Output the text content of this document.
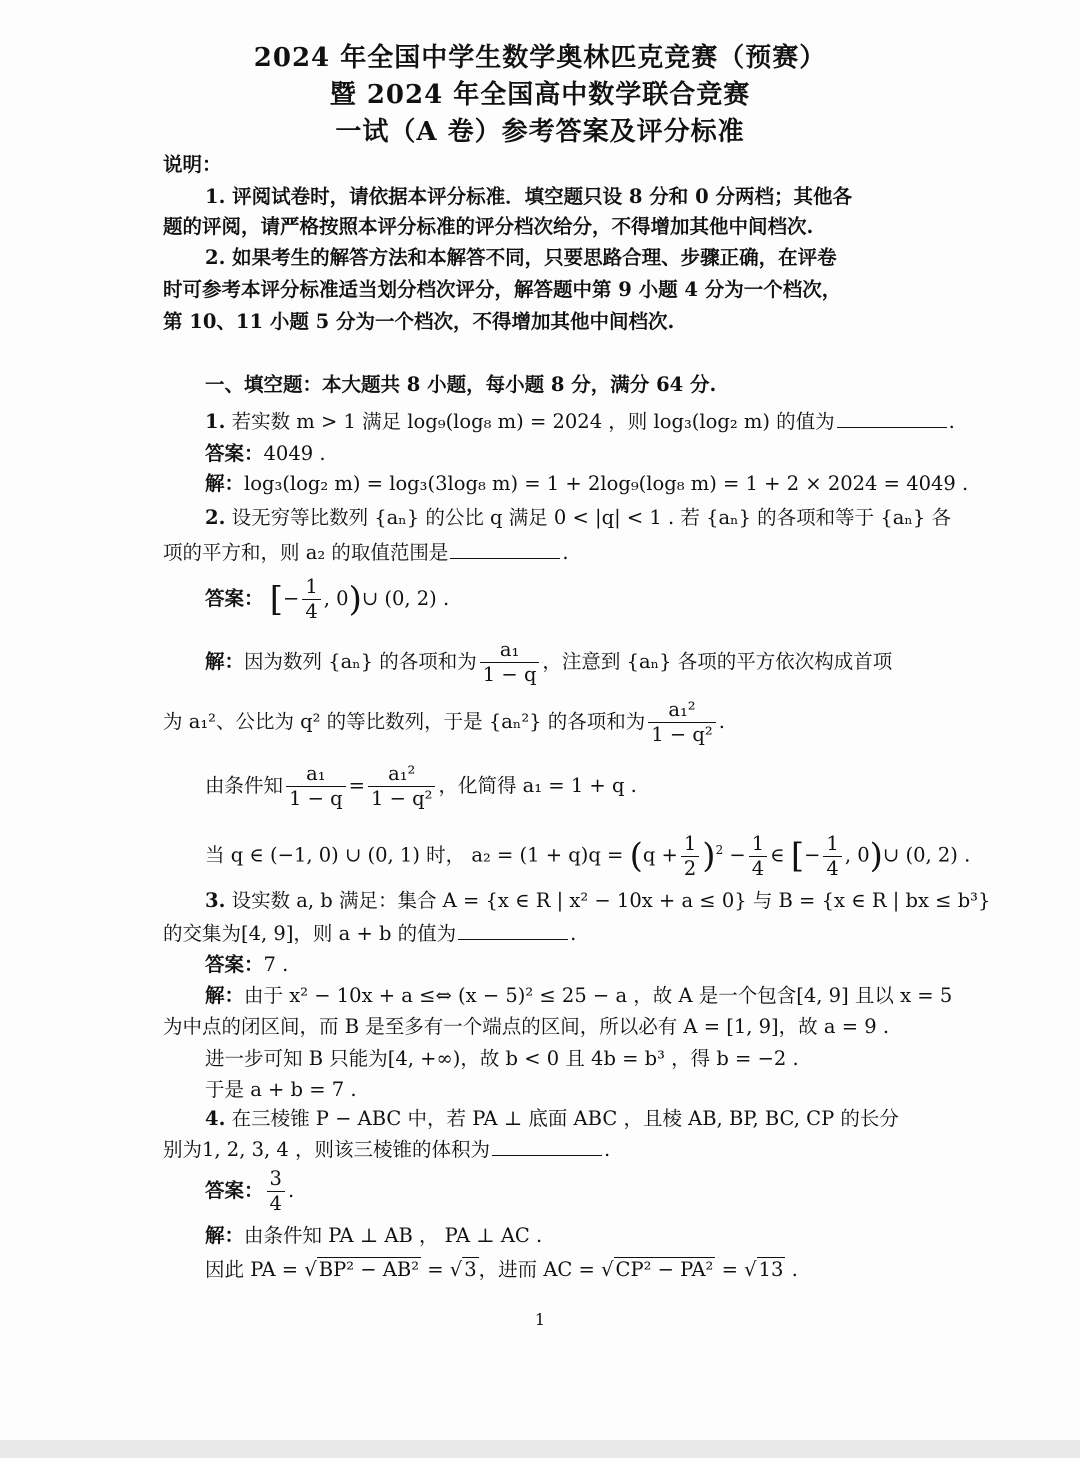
2024 年全国中学生数学奥林匹克竞赛（预赛）
暨 2024 年全国高中数学联合竞赛
一试（A 卷）参考答案及评分标准
说明：
1. 评阅试卷时，请依据本评分标准．填空题只设 8 分和 0 分两档；其他各
题的评阅，请严格按照本评分标准的评分档次给分，不得增加其他中间档次.
2. 如果考生的解答方法和本解答不同，只要思路合理、步骤正确，在评卷
时可参考本评分标准适当划分档次评分，解答题中第 9 小题 4 分为一个档次，
第 10、11 小题 5 分为一个档次，不得增加其他中间档次.
一、填空题：本大题共 8 小题，每小题 8 分，满分 64 分.
1. 若实数 m > 1 满足 log₉(log₈ m) = 2024 ，则 log₃(log₂ m) 的值为	.
答案：4049 .
解：log₃(log₂ m) = log₃(3log₈ m) = 1 + 2log₉(log₈ m) = 1 + 2 × 2024 = 4049 .
2. 设无穷等比数列 {aₙ} 的公比 q 满足 0 < |q| < 1 . 若 {aₙ} 的各项和等于 {aₙ} 各
项的平方和，则 a₂ 的取值范围是	.
答案： [− $\frac{1}{4}$ , 0)∪ (0, 2) .
解：因为数列 {aₙ} 的各项和为 $\frac{\text{a₁}}{1 - q}$ ，注意到 {aₙ} 各项的平方依次构成首项
为 a₁²、公比为 q² 的等比数列，于是 {aₙ²} 的各项和为 $\frac{\text{a₁²}}{\text{1 − q²}}$ .
由条件知 $\frac{\text{a₁}}{1 - q} = \frac{\text{a₁²}}{\text{1 − q²}}$ ，化简得 a₁ = 1 + q .
当 q ∈ (−1, 0) ∪ (0, 1) 时， $a_2 = (1 + q)q = (q + \frac{1}{2} )^2 - \frac{1}{4}$ ∈ [− $\frac{1}{4}$ , 0)∪ (0, 2) .
3. 设实数 a, b 满足：集合 A = {x ∈ R | x² − 10x + a ≤ 0} 与 B = {x ∈ R | bx ≤ b³}
的交集为[4, 9]，则 a + b 的值为	.
答案：7 .
解：由于 x² − 10x + a ≤⇔ (x − 5)² ≤ 25 − a ，故 A 是一个包含[4, 9] 且以 x = 5
为中点的闭区间，而 B 是至多有一个端点的区间，所以必有 A = [1, 9]，故 a = 9 .
进一步可知 B 只能为[4, +∞)，故 b < 0 且 4b = b³ ，得 b = −2 .
于是 a + b = 7 .
4. 在三棱锥 P − ABC 中，若 PA ⊥ 底面 ABC ，且棱 AB, BP, BC, CP 的长分
别为1, 2, 3, 4 ，则该三棱锥的体积为	.
答案： $\frac{3}{4}$ .
解：由条件知 PA ⊥ AB ， PA ⊥ AC .
因此 PA = √ BP² − AB² = √ 3 ，进而 AC = √ CP² − PA² = √ 13 .
1
